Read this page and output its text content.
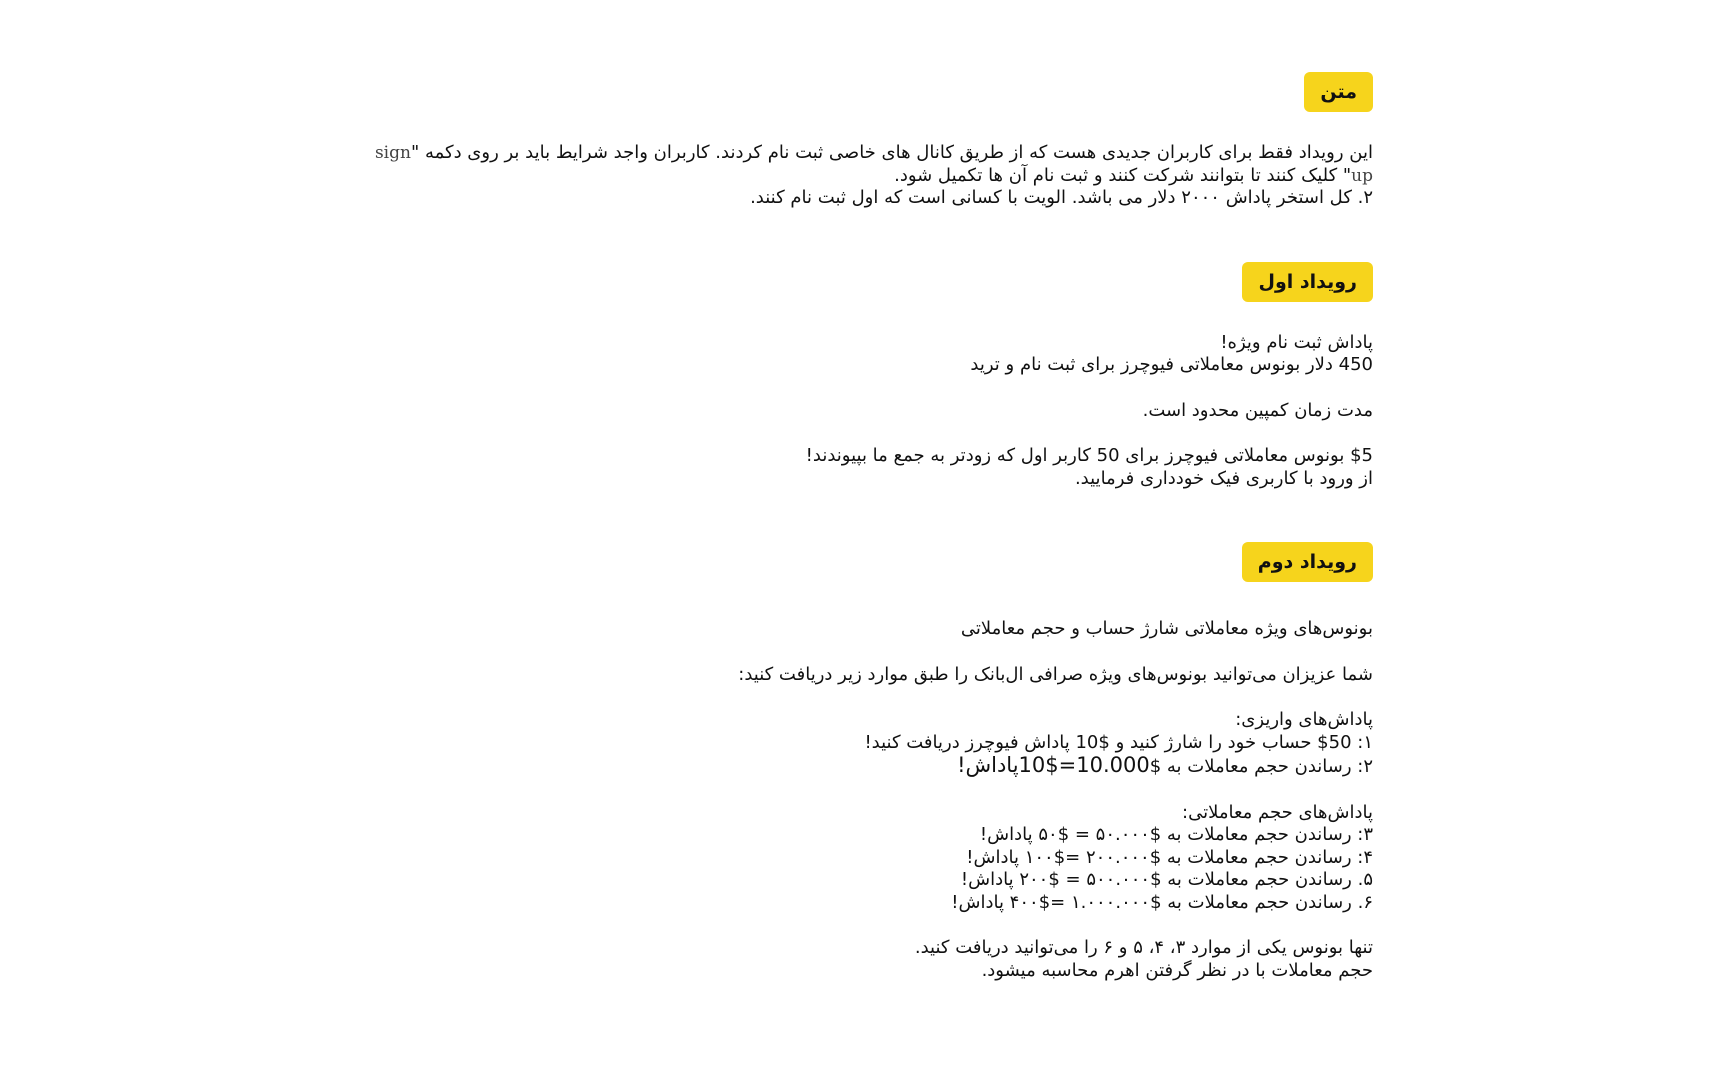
متن

این رویداد فقط برای کاربران جدیدی هست که از طریق کانال های خاصی ثبت نام کردند. کاربران واجد شرایط باید بر روی دکمه "sign

up" کلیک کنند تا بتوانند شرکت کنند و ثبت نام آن ها تکمیل شود.

۲. کل استخر پاداش ۲۰۰۰ دلار می باشد. الویت با کسانی است که اول ثبت نام کنند.

رویداد اول

پاداش ثبت نام ویژه!

450 دلار بونوس معاملاتی فیوچرز برای ثبت نام و ترید

مدت زمان کمپین محدود است.

$5 بونوس معاملاتی فیوچرز برای 50 کاربر اول که زودتر به جمع ما بپیوندند!

از ورود با کاربری فیک خودداری فرمایید.

رویداد دوم

بونوس‌های ویژه معاملاتی شارژ حساب و حجم معاملاتی

شما عزیزان می‌توانید بونوس‌های ویژه صرافی ال‌بانک را طبق موارد زیر دریافت کنید:

پاداش‌های واریزی:

۱: $50 حساب خود را شارژ کنید و $10 پاداش فیوچرز دریافت کنید!

۲: رساندن حجم معاملات به $10.000=$10پاداش!

پاداش‌های حجم معاملاتی:

۳: رساندن حجم معاملات به $۵۰.۰۰۰ = $۵۰ پاداش!

۴: رساندن حجم معاملات به $۲۰۰.۰۰۰ =$۱۰۰ پاداش!

۵. رساندن حجم معاملات به $۵۰۰.۰۰۰ = $۲۰۰ پاداش!

۶. رساندن حجم معاملات به $۱.۰۰۰.۰۰۰ =$۴۰۰ پاداش!

تنها بونوس یکی از موارد ۳، ۴، ۵ و ۶ را می‌توانید دریافت کنید.

حجم معاملات با در نظر گرفتن اهرم محاسبه میشود.
